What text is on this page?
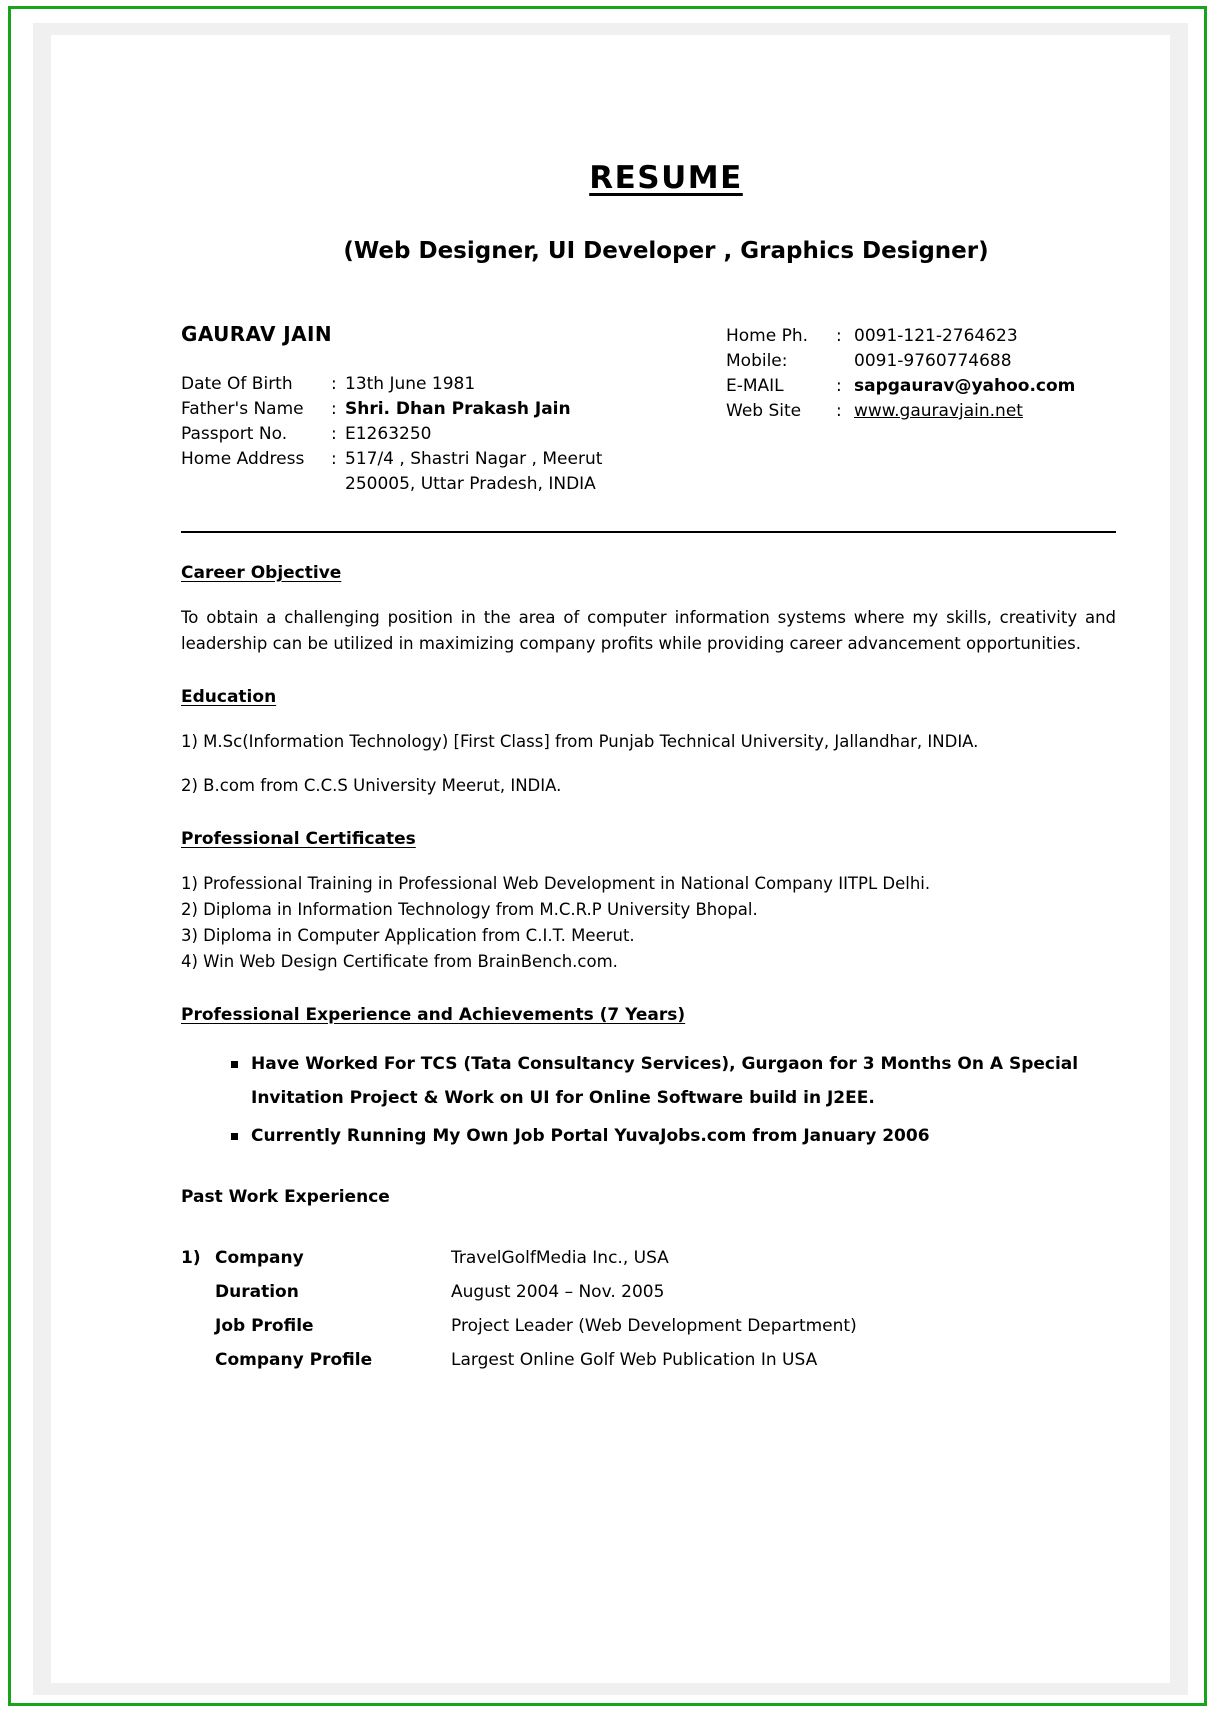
RESUME
(Web Designer, UI Developer , Graphics Designer)
GAURAV JAIN
Date Of Birth : 13th June 1981
Father's Name : Shri. Dhan Prakash Jain
Passport No.	: E1263250
Home Address : 517/4 , Shastri Nagar , Meerut
250005, Uttar Pradesh, INDIA
Home Ph.	: 0091-121-2764623
Mobile:	0091-9760774688
E-MAIL	: sapgaurav@yahoo.com
Web Site	: www.gauravjain.net
Career Objective

To obtain a challenging position in the area of computer information systems where my skills, creativity and leadership can be utilized in maximizing company profits while providing career advancement opportunities.

Education

1) M.Sc(Information Technology) [First Class] from Punjab Technical University, Jallandhar, INDIA.

2) B.com from C.C.S University Meerut, INDIA.

Professional Certificates

1) Professional Training in Professional Web Development in National Company IITPL Delhi.

2) Diploma in Information Technology from M.C.R.P University Bhopal.

3) Diploma in Computer Application from C.I.T. Meerut.

4) Win Web Design Certificate from BrainBench.com.

Professional Experience and Achievements (7 Years)
Have Worked For TCS (Tata Consultancy Services), Gurgaon for 3 Months On A Special Invitation Project & Work on UI for Online Software build in J2EE.
Currently Running My Own Job Portal YuvaJobs.com from January 2006
Past Work Experience
1) Company	TravelGolfMedia Inc., USA
Duration	August 2004 – Nov. 2005
Job Profile	Project Leader (Web Development Department)
Company Profile	Largest Online Golf Web Publication In USA
